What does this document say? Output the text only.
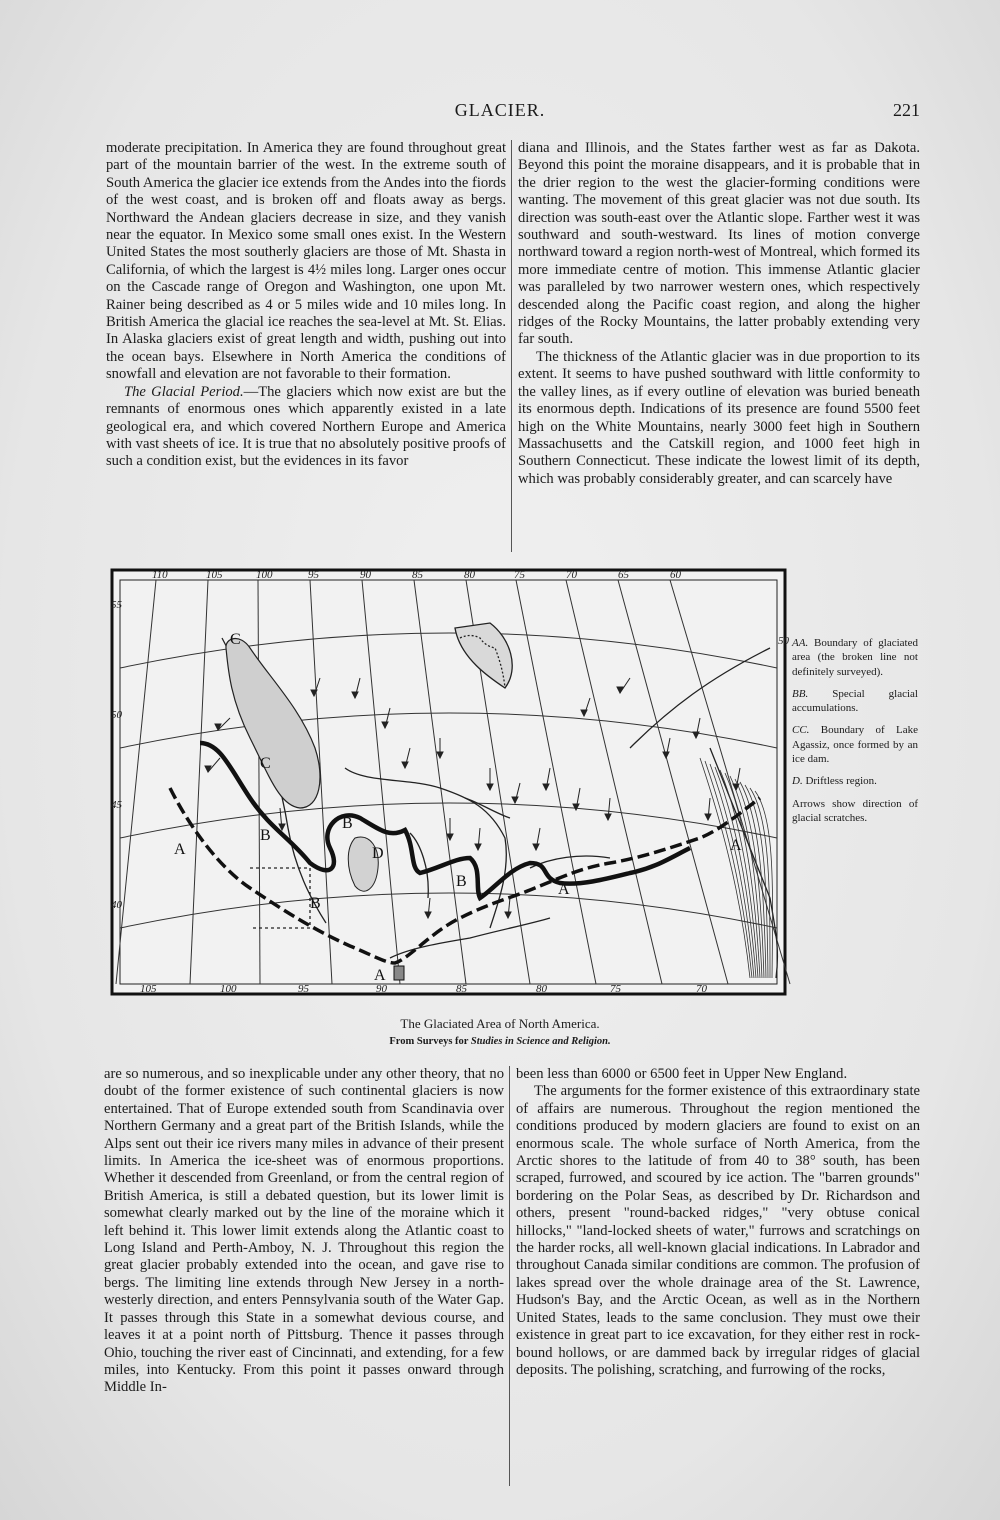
GLACIER.	221

moderate precipitation. In America they are found throughout great part of the mountain barrier of the west. In the extreme south of South America the glacier ice extends from the Andes into the fiords of the west coast, and is broken off and floats away as bergs. Northward the Andean glaciers decrease in size, and they vanish near the equator. In Mexico some small ones exist. In the Western United States the most southerly glaciers are those of Mt. Shasta in California, of which the largest is 4½ miles long. Larger ones occur on the Cascade range of Oregon and Washington, one upon Mt. Rainer being described as 4 or 5 miles wide and 10 miles long. In British America the glacial ice reaches the sea-level at Mt. St. Elias. In Alaska glaciers exist of great length and width, pushing out into the ocean bays. Elsewhere in North America the conditions of snowfall and elevation are not favorable to their formation.

The Glacial Period.—The glaciers which now exist are but the remnants of enormous ones which apparently existed in a late geological era, and which covered Northern Europe and America with vast sheets of ice. It is true that no absolutely positive proofs of such a condition exist, but the evidences in its favor

diana and Illinois, and the States farther west as far as Dakota. Beyond this point the moraine disappears, and it is probable that in the drier region to the west the glacier-forming conditions were wanting. The movement of this great glacier was not due south. Its direction was south-east over the Atlantic slope. Farther west it was southward and south-westward. Its lines of motion converge northward toward a region north-west of Montreal, which formed its more immediate centre of motion. This immense Atlantic glacier was paralleled by two narrower western ones, which respectively descended along the Pacific coast region, and along the higher ridges of the Rocky Mountains, the latter probably extending very far south.

The thickness of the Atlantic glacier was in due proportion to its extent. It seems to have pushed southward with little conformity to the valley lines, as if every outline of elevation was buried beneath its enormous depth. Indications of its presence are found 5500 feet high on the White Mountains, nearly 3000 feet high in Southern Massachusetts and the Catskill region, and 1000 feet high in Southern Connecticut. These indicate the lowest limit of its depth, which was probably considerably greater, and can scarcely have

110	105	100	95	90	85	80	75	70	65	60
105	100	95	90	85	80	75	70
55
50
45
40
50
C
C
B
B
B
B
A
A
A
A
D

AA. Boundary of glaciated area (the broken line not definitely surveyed).

BB. Special glacial accumulations.

CC. Boundary of Lake Agassiz, once formed by an ice dam.

D. Driftless region.

Arrows show direction of glacial scratches.

The Glaciated Area of North America.
From Surveys for Studies in Science and Religion.

are so numerous, and so inexplicable under any other theory, that no doubt of the former existence of such continental glaciers is now entertained. That of Europe extended south from Scandinavia over Northern Germany and a great part of the British Islands, while the Alps sent out their ice rivers many miles in advance of their present limits. In America the ice-sheet was of enormous proportions. Whether it descended from Greenland, or from the central region of British America, is still a debated question, but its lower limit is somewhat clearly marked out by the line of the moraine which it left behind it. This lower limit extends along the Atlantic coast to Long Island and Perth-Amboy, N. J. Throughout this region the great glacier probably extended into the ocean, and gave rise to bergs. The limiting line extends through New Jersey in a north-westerly direction, and enters Pennsylvania south of the Water Gap. It passes through this State in a somewhat devious course, and leaves it at a point north of Pittsburg. Thence it passes through Ohio, touching the river east of Cincinnati, and extending, for a few miles, into Kentucky. From this point it passes onward through Middle In-

been less than 6000 or 6500 feet in Upper New England.

The arguments for the former existence of this extraordinary state of affairs are numerous. Throughout the region mentioned the conditions produced by modern glaciers are found to exist on an enormous scale. The whole surface of North America, from the Arctic shores to the latitude of from 40 to 38° south, has been scraped, furrowed, and scoured by ice action. The "barren grounds" bordering on the Polar Seas, as described by Dr. Richardson and others, present "round-backed ridges," "very obtuse conical hillocks," "land-locked sheets of water," furrows and scratchings on the harder rocks, all well-known glacial indications. In Labrador and throughout Canada similar conditions are common. The profusion of lakes spread over the whole drainage area of the St. Lawrence, Hudson's Bay, and the Arctic Ocean, as well as in the Northern United States, leads to the same conclusion. They must owe their existence in great part to ice excavation, for they either rest in rock-bound hollows, or are dammed back by irregular ridges of glacial deposits. The polishing, scratching, and furrowing of the rocks,
